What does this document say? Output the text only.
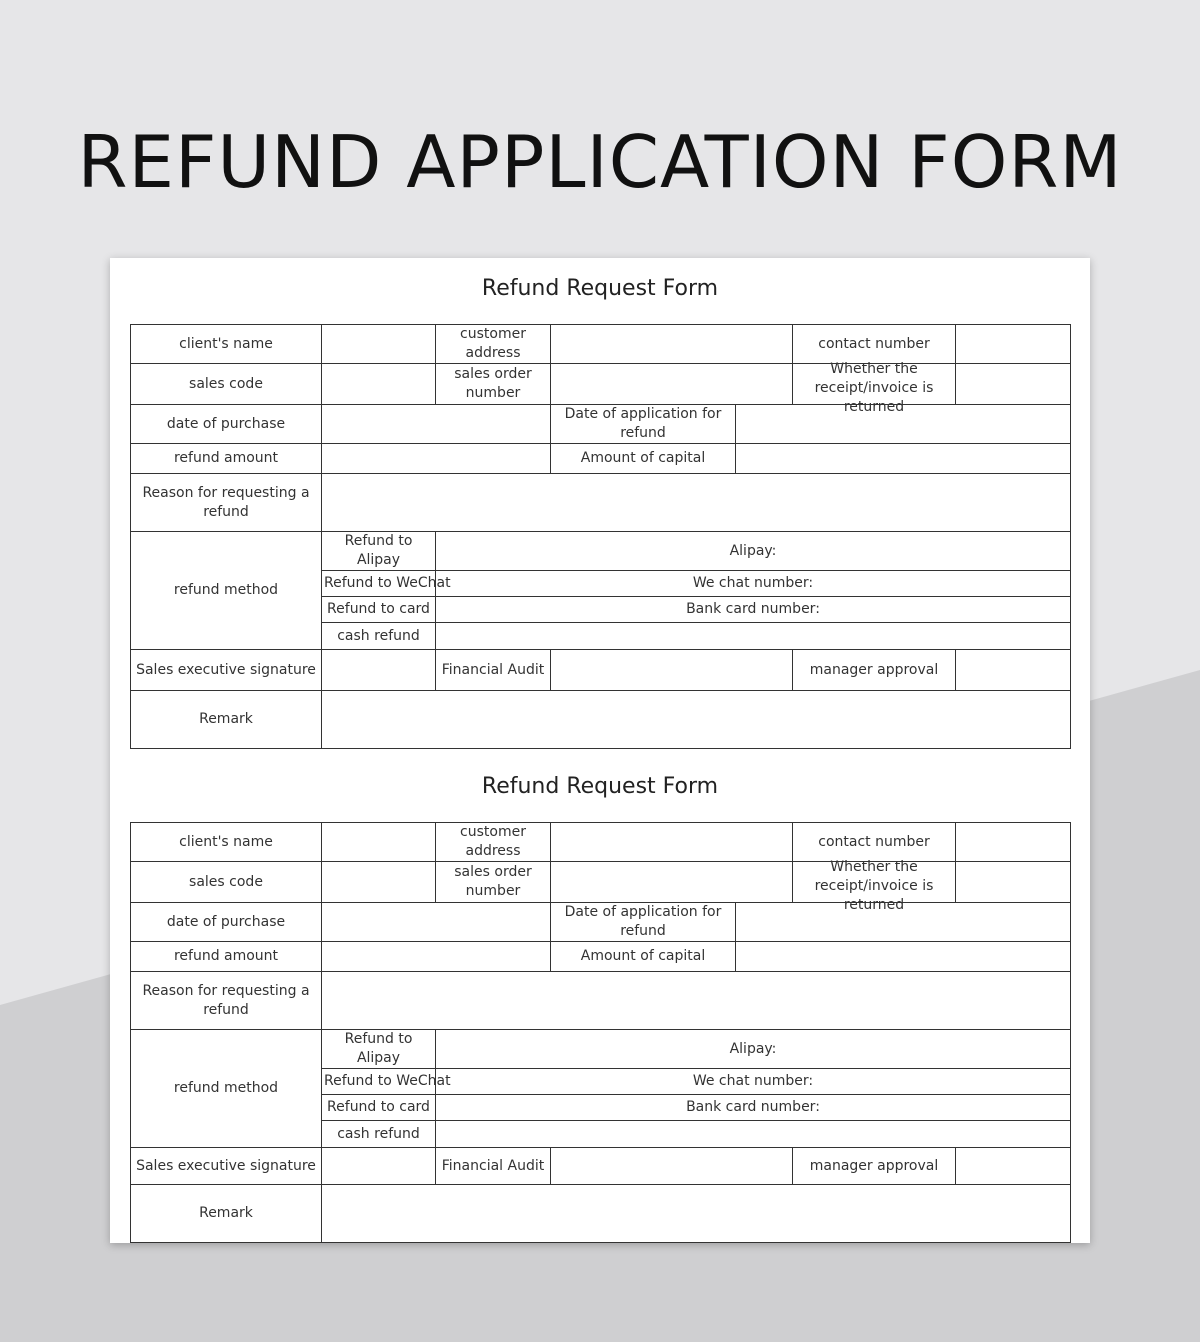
REFUND APPLICATION FORM
Refund Request Form
client's name		customer address			contact number	
sales code		sales order number			Whether the receipt/invoice is returned	

date of purchase			Date of application for refund			
refund amount			Amount of capital			
Reason for requesting a refund						
refund method	Refund to Alipay	Alipay:				
	Refund to WeChat	We chat number:				
	Refund to card	Bank card number:				
	cash refund					
Sales executive signature		Financial Audit			manager approval	
Remark						
Refund Request Form
client's name		customer address			contact number	
sales code		sales order number			Whether the receipt/invoice is returned	

date of purchase			Date of application for refund			
refund amount			Amount of capital			
Reason for requesting a refund						
refund method	Refund to Alipay	Alipay:				
	Refund to WeChat	We chat number:				
	Refund to card	Bank card number:				
	cash refund					
Sales executive signature		Financial Audit			manager approval	
Remark						
